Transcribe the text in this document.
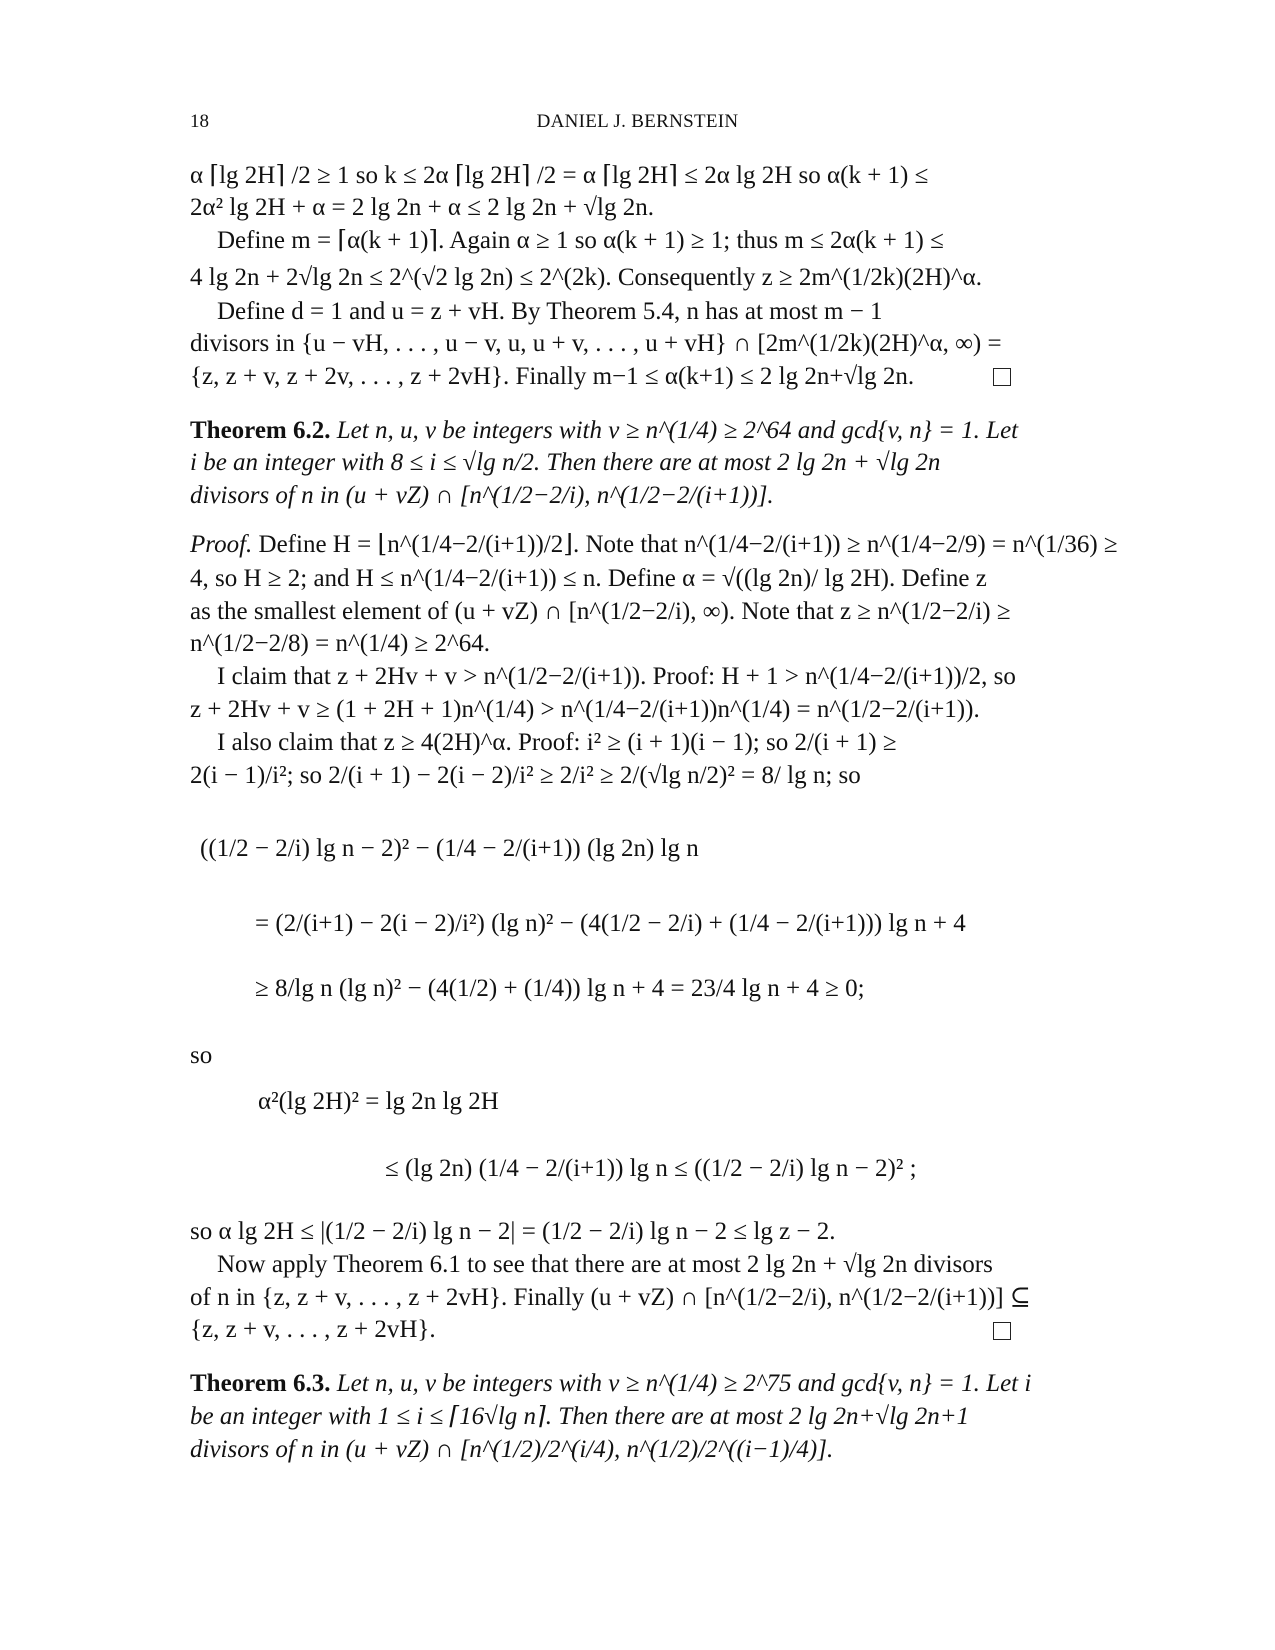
18	DANIEL J. BERNSTEIN
α ⌈lg 2H⌉ /2 ≥ 1 so k ≤ 2α ⌈lg 2H⌉ /2 = α ⌈lg 2H⌉ ≤ 2α lg 2H so α(k + 1) ≤
2α² lg 2H + α = 2 lg 2n + α ≤ 2 lg 2n + √lg 2n.
Define m = ⌈α(k + 1)⌉. Again α ≥ 1 so α(k + 1) ≥ 1; thus m ≤ 2α(k + 1) ≤
4 lg 2n + 2√lg 2n ≤ 2^(√2 lg 2n) ≤ 2^(2k). Consequently z ≥ 2m^(1/2k)(2H)^α.
Define d = 1 and u = z + vH. By Theorem 5.4, n has at most m − 1
divisors in {u − vH, . . . , u − v, u, u + v, . . . , u + vH} ∩ [2m^(1/2k)(2H)^α, ∞) =
{z, z + v, z + 2v, . . . , z + 2vH}. Finally m−1 ≤ α(k+1) ≤ 2 lg 2n+√lg 2n.
Theorem 6.2. Let n, u, v be integers with v ≥ n^(1/4) ≥ 2^64 and gcd{v, n} = 1. Let
i be an integer with 8 ≤ i ≤ √lg n/2. Then there are at most 2 lg 2n + √lg 2n
divisors of n in (u + vZ) ∩ [n^(1/2−2/i), n^(1/2−2/(i+1))].
Proof. Define H = ⌊n^(1/4−2/(i+1))/2⌋. Note that n^(1/4−2/(i+1)) ≥ n^(1/4−2/9) = n^(1/36) ≥
4, so H ≥ 2; and H ≤ n^(1/4−2/(i+1)) ≤ n. Define α = √((lg 2n)/ lg 2H). Define z
as the smallest element of (u + vZ) ∩ [n^(1/2−2/i), ∞). Note that z ≥ n^(1/2−2/i) ≥
n^(1/2−2/8) = n^(1/4) ≥ 2^64.
I claim that z + 2Hv + v > n^(1/2−2/(i+1)). Proof: H + 1 > n^(1/4−2/(i+1))/2, so
z + 2Hv + v ≥ (1 + 2H + 1)n^(1/4) > n^(1/4−2/(i+1))n^(1/4) = n^(1/2−2/(i+1)).
I also claim that z ≥ 4(2H)^α. Proof: i² ≥ (i + 1)(i − 1); so 2/(i + 1) ≥
2(i − 1)/i²; so 2/(i + 1) − 2(i − 2)/i² ≥ 2/i² ≥ 2/(√lg n/2)² = 8/ lg n; so
((1/2 − 2/i) lg n − 2)² − (1/4 − 2/(i+1)) (lg 2n) lg n
= (2/(i+1) − 2(i − 2)/i²) (lg n)² − (4(1/2 − 2/i) + (1/4 − 2/(i+1))) lg n + 4
≥ 8/lg n (lg n)² − (4(1/2) + (1/4)) lg n + 4 = 23/4 lg n + 4 ≥ 0;
so
α²(lg 2H)² = lg 2n lg 2H
≤ (lg 2n) (1/4 − 2/(i+1)) lg n ≤ ((1/2 − 2/i) lg n − 2)² ;
so α lg 2H ≤ |(1/2 − 2/i) lg n − 2| = (1/2 − 2/i) lg n − 2 ≤ lg z − 2.
Now apply Theorem 6.1 to see that there are at most 2 lg 2n + √lg 2n divisors
of n in {z, z + v, . . . , z + 2vH}. Finally (u + vZ) ∩ [n^(1/2−2/i), n^(1/2−2/(i+1))] ⊆
{z, z + v, . . . , z + 2vH}.
Theorem 6.3. Let n, u, v be integers with v ≥ n^(1/4) ≥ 2^75 and gcd{v, n} = 1. Let i
be an integer with 1 ≤ i ≤ ⌈16√lg n⌉. Then there are at most 2 lg 2n+√lg 2n+1
divisors of n in (u + vZ) ∩ [n^(1/2)/2^(i/4), n^(1/2)/2^((i−1)/4)].
